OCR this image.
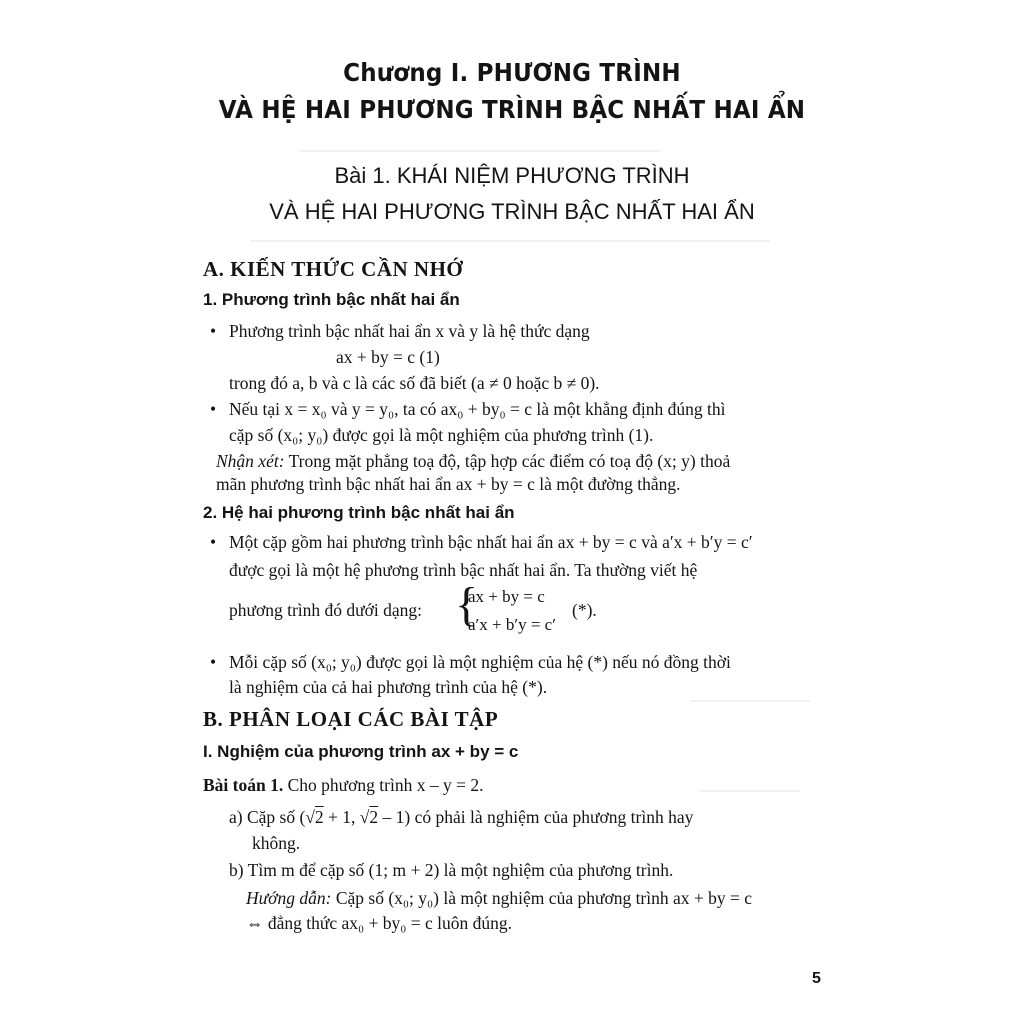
Chương I. PHƯƠNG TRÌNH
VÀ HỆ HAI PHƯƠNG TRÌNH BẬC NHẤT HAI ẨN
Bài 1. KHÁI NIỆM PHƯƠNG TRÌNH
VÀ HỆ HAI PHƯƠNG TRÌNH BẬC NHẤT HAI ẨN
A. KIẾN THỨC CẦN NHỚ
1. Phương trình bậc nhất hai ẩn
• Phương trình bậc nhất hai ẩn x và y là hệ thức dạng
ax + by = c (1)
trong đó a, b và c là các số đã biết (a ≠ 0 hoặc b ≠ 0).
• Nếu tại x = x₀ và y = y₀, ta có ax₀ + by₀ = c là một khẳng định đúng thì
cặp số (x₀; y₀) được gọi là một nghiệm của phương trình (1).
Nhận xét: Trong mặt phẳng toạ độ, tập hợp các điểm có toạ độ (x; y) thoả
mãn phương trình bậc nhất hai ẩn ax + by = c là một đường thẳng.
2. Hệ hai phương trình bậc nhất hai ẩn
• Một cặp gồm hai phương trình bậc nhất hai ẩn ax + by = c và a′x + b′y = c′
được gọi là một hệ phương trình bậc nhất hai ẩn. Ta thường viết hệ
phương trình đó dưới dạng: {
ax + by = c
a′x + b′y = c′
(*).
• Mỗi cặp số (x₀; y₀) được gọi là một nghiệm của hệ (*) nếu nó đồng thời
là nghiệm của cả hai phương trình của hệ (*).
B. PHÂN LOẠI CÁC BÀI TẬP
I. Nghiệm của phương trình ax + by = c
Bài toán 1. Cho phương trình x – y = 2.
a) Cặp số (√2 + 1, √2 – 1) có phải là nghiệm của phương trình hay
không.
b) Tìm m để cặp số (1; m + 2) là một nghiệm của phương trình.
Hướng dẫn: Cặp số (x₀; y₀) là một nghiệm của phương trình ax + by = c
⇔ đẳng thức ax₀ + by₀ = c luôn đúng.
5
